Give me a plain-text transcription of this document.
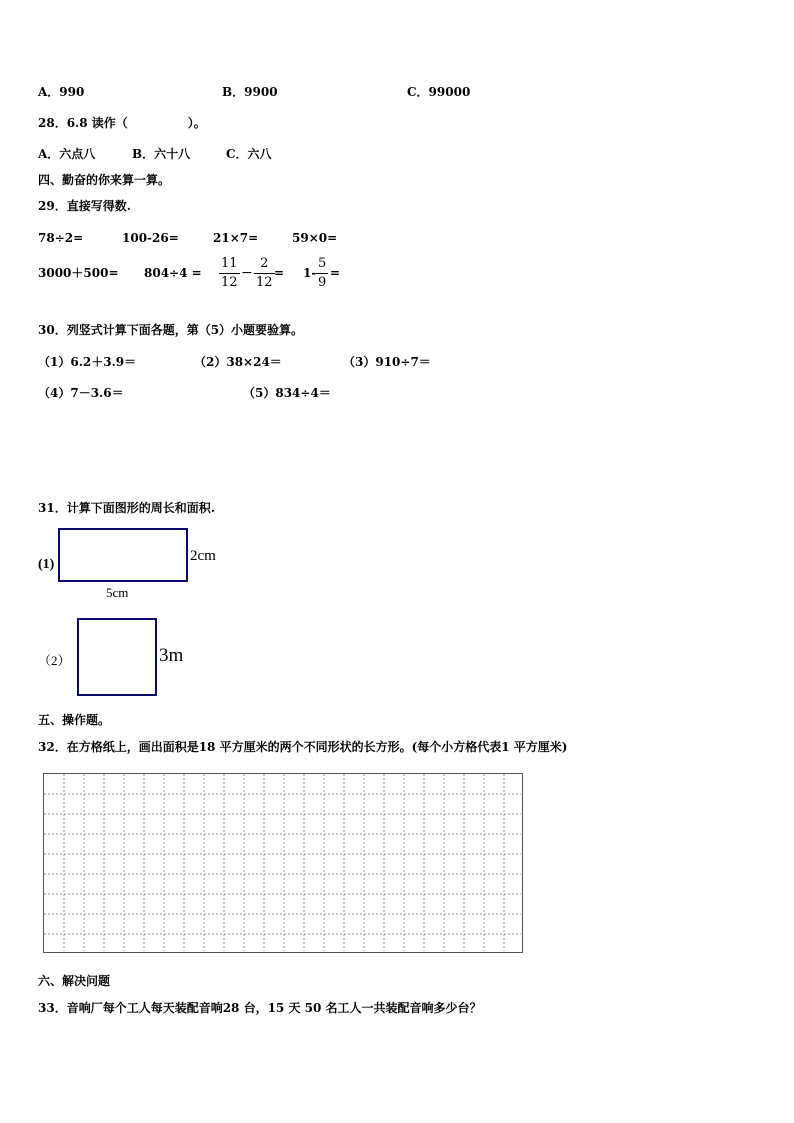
A．990	B．9900	C．99000
28．6.8 读作（　　　　　）。
A．六点八	B．六十八	C．六八
四、勤奋的你来算一算。
29．直接写得数.
78÷2=	100-26=	21×7=	59×0=
3000＋500= 804÷4 =
11
12
−
2
12
= 1-
5
9
=
30．列竖式计算下面各题，第（5）小题要验算。
（1）6.2＋3.9＝	（2）38×24＝	（3）910÷7＝
（4）7－3.6＝	（5）834÷4＝
31．计算下面图形的周长和面积.
(1)
2cm
5cm
（2）	3m
五、操作题。
32．在方格纸上，画出面积是18 平方厘米的两个不同形状的长方形。(每个小方格代表1 平方厘米)
六、解决问题
33．音响厂每个工人每天装配音响28 台，15 天 50 名工人一共装配音响多少台？
